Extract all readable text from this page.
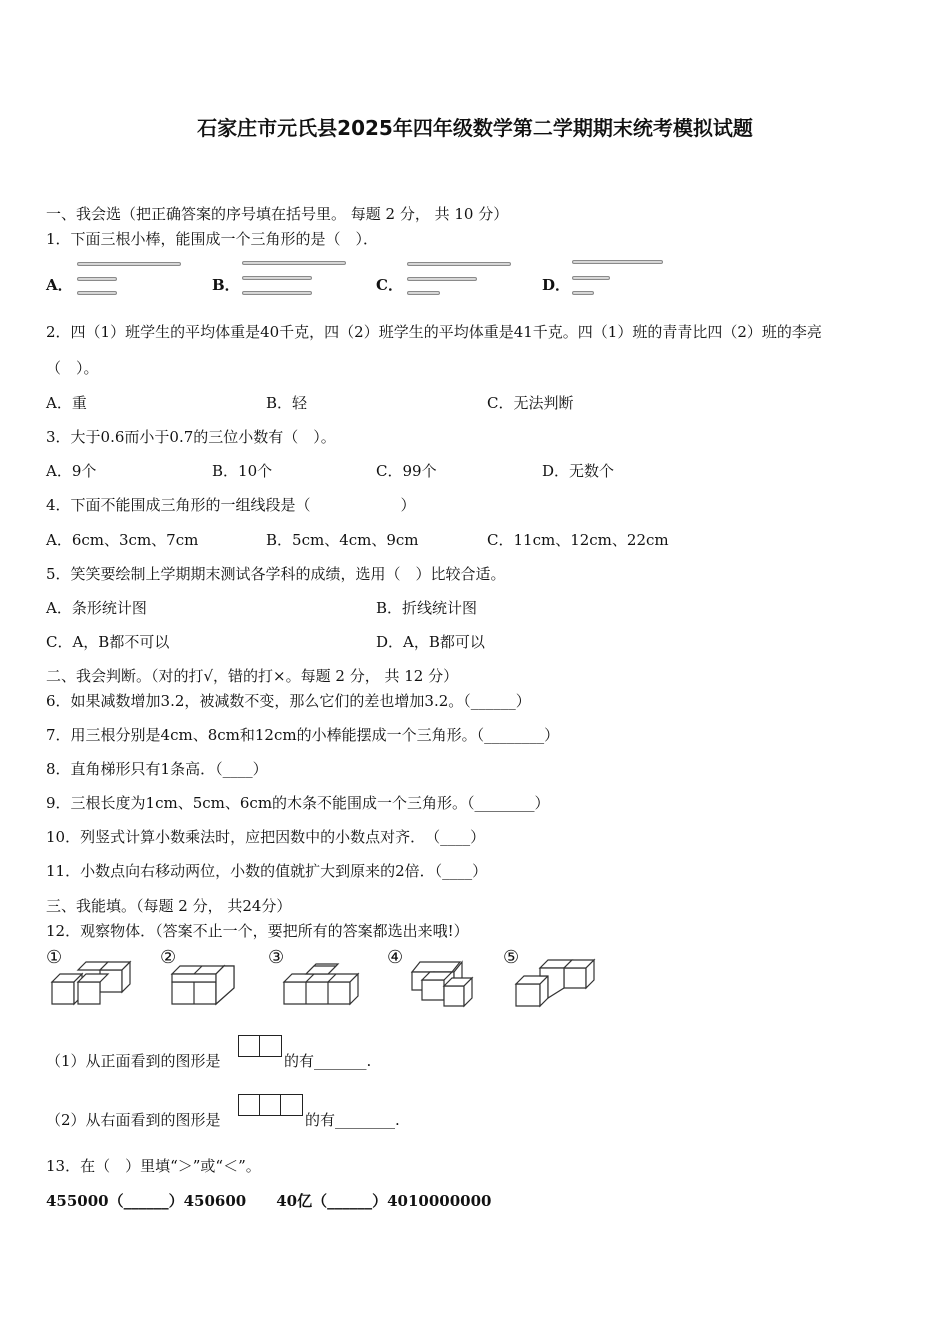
石家庄市元氏县2025年四年级数学第二学期期末统考模拟试题
一、我会选（把正确答案的序号填在括号里。 每题 2 分， 共 10 分）
1．下面三根小棒，能围成一个三角形的是（　）．
A．	B．	C．	D．
2．四（1）班学生的平均体重是40千克，四（2）班学生的平均体重是41千克。四（1）班的青青比四（2）班的李亮
（　）。
A．重	B．轻	C．无法判断
3．大于0.6而小于0.7的三位小数有（　）。
A．9个	B．10个	C．99个	D．无数个
4．下面不能围成三角形的一组线段是（　　　　　　）
A．6cm、3cm、7cm	B．5cm、4cm、9cm	C．11cm、12cm、22cm
5．笑笑要绘制上学期期末测试各学科的成绩，选用（　）比较合适。
A．条形统计图	B．折线统计图
C．A，B都不可以	D．A，B都可以
二、我会判断。（对的打√，错的打×。每题 2 分， 共 12 分）
6．如果减数增加3.2，被减数不变，那么它们的差也增加3.2。（______）
7．用三根分别是4cm、8cm和12cm的小棒能摆成一个三角形。（________）
8．直角梯形只有1条高．（____）
9．三根长度为1cm、5cm、6cm的木条不能围成一个三角形。（________）
10．列竖式计算小数乘法时，应把因数中的小数点对齐．　（____）
11．小数点向右移动两位，小数的值就扩大到原来的2倍．（____）
三、我能填。（每题 2 分， 共24分）
12．观察物体．（答案不止一个，要把所有的答案都选出来哦!）
①	②	③	④	⑤
（1）从正面看到的图形是	的有_______.
（2）从右面看到的图形是	的有________.
13．在（　）里填“＞”或“＜”。
455000（______）450600　　40亿（______）4010000000
